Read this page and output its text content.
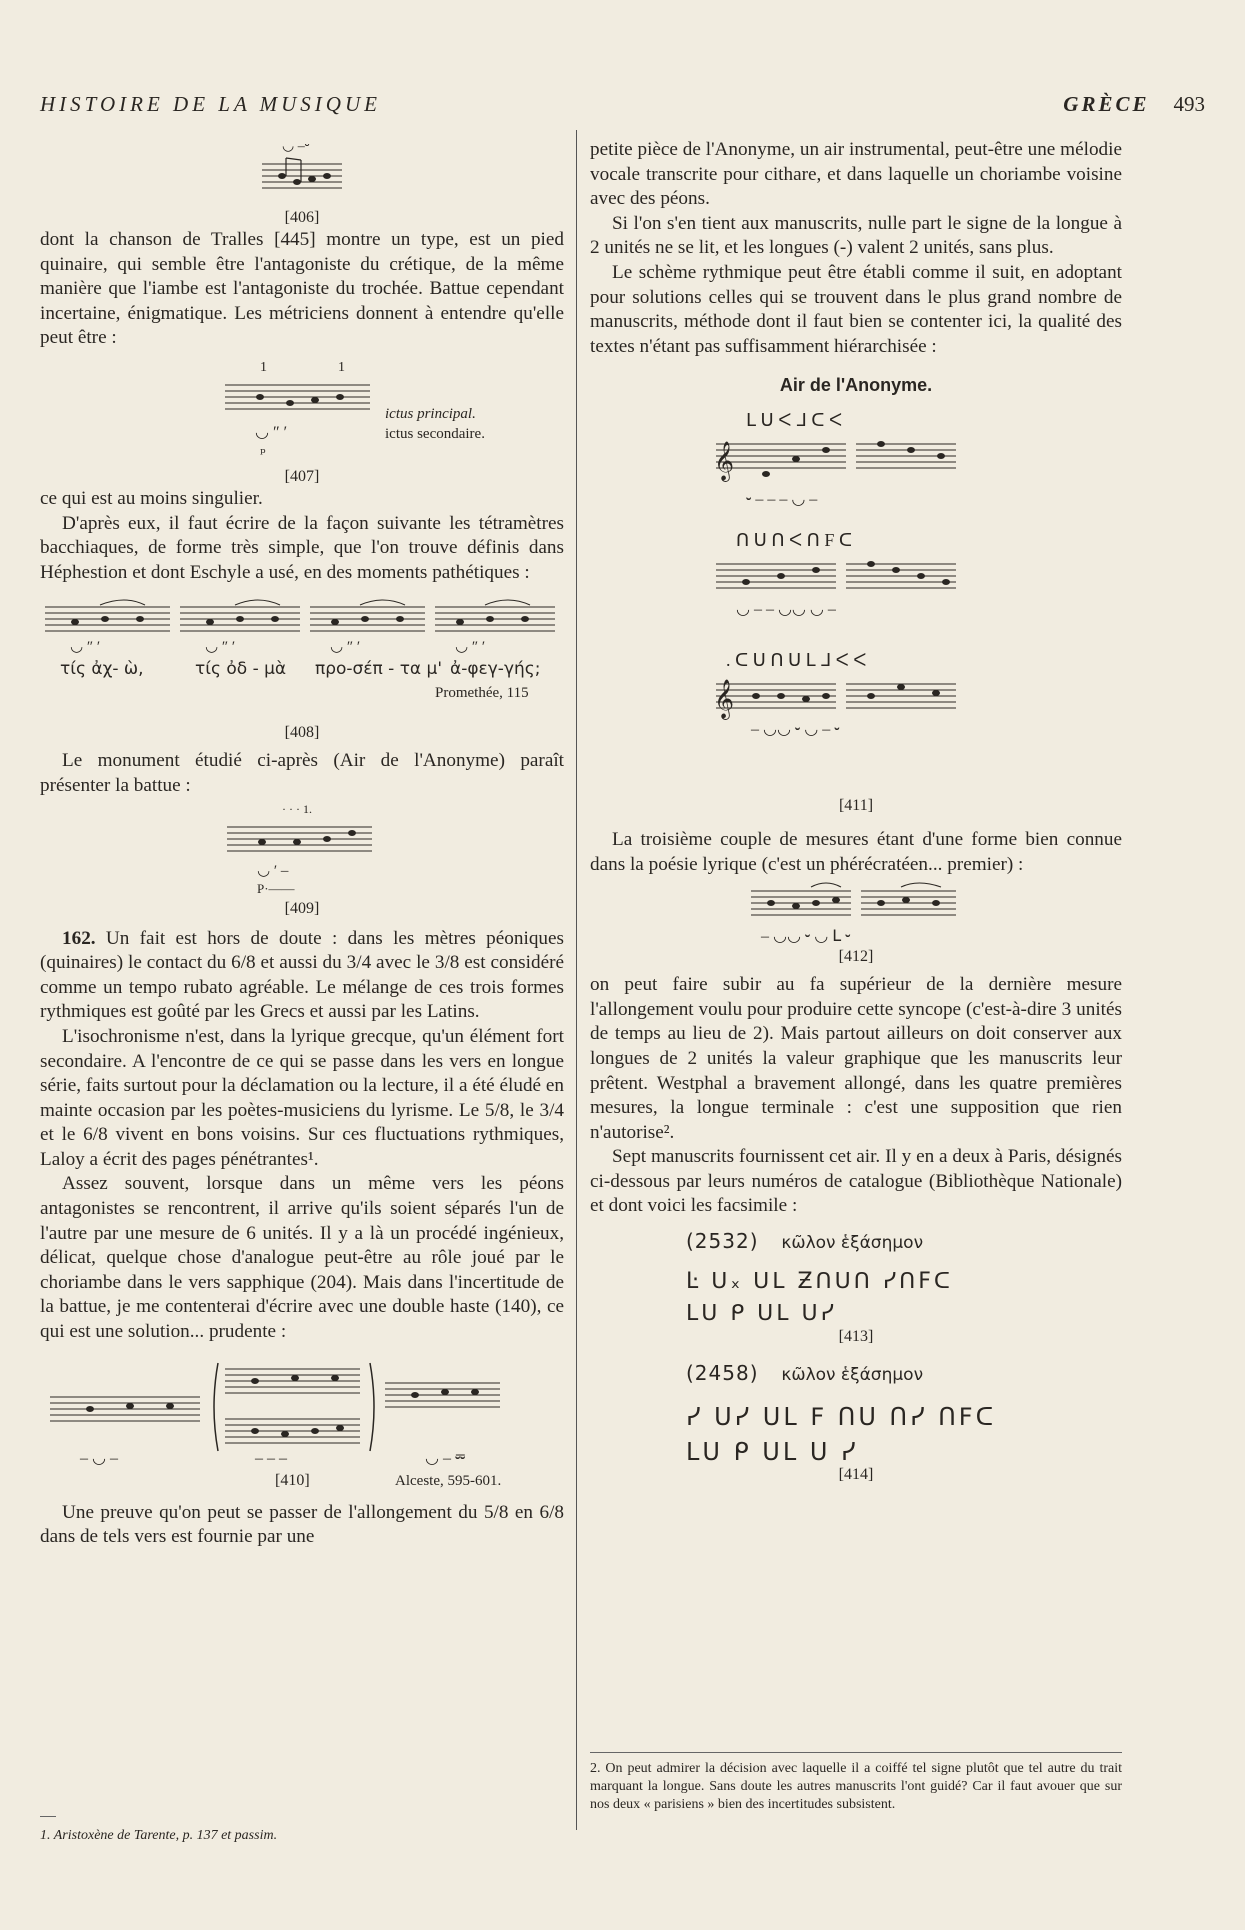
HISTOIRE DE LA MUSIQUE	GRÈCE 493
◡ –⏑

[406]

dont la chanson de Tralles [445] montre un type, est un pied quinaire, qui semble être l'antagoniste du crétique, de la même manière que l'iambe est l'antagoniste du trochée. Battue cependant incertaine, énigmatique. Les métriciens donnent à entendre qu'elle peut être :

1	1
◡ ″ ′
ₚ
ictus principal.
ictus secondaire.

[407]

ce qui est au moins singulier.

D'après eux, il faut écrire de la façon suivante les tétramètres bacchiaques, de forme très simple, que l'on trouve définis dans Héphestion et dont Eschyle a usé, en des moments pathétiques :

◡ ″ ′	◡ ″ ′	◡ ″ ′	◡ ″ ′
τίς ἀχ- ὼ,	τίς ὀδ - μὰ προ-σέπ - τα μ' ἀ-φεγ-γής;
Promethée, 115

[408]

Le monument étudié ci-après (Air de l'Anonyme) paraît présenter la battue :

· · · 1.
◡ ′ –
P·——

[409]

162. Un fait est hors de doute : dans les mètres péoniques (quinaires) le contact du 6/8 et aussi du 3/4 avec le 3/8 est considéré comme un tempo rubato agréable. Le mélange de ces trois formes rythmiques est goûté par les Grecs et aussi par les Latins.

L'isochronisme n'est, dans la lyrique grecque, qu'un élément fort secondaire. A l'encontre de ce qui se passe dans les vers en longue série, faits surtout pour la déclamation ou la lecture, il a été éludé en mainte occasion par les poètes-musiciens du lyrisme. Le 5/8, le 3/4 et le 6/8 vivent en bons voisins. Sur ces fluctuations rythmiques, Laloy a écrit des pages pénétrantes¹.

Assez souvent, lorsque dans un même vers les péons antagonistes se rencontrent, il arrive qu'ils soient séparés l'un de l'autre par une mesure de 6 unités. Il y a là un procédé ingénieux, délicat, quelque chose d'analogue peut-être au rôle joué par le choriambe dans le vers sapphique (204). Mais dans l'incertitude de la battue, je me contenterai d'écrire avec une double haste (140), ce qui est une solution... prudente :

– ◡ –	– – –	◡ – ⏔
[410]	Alceste, 595-601.

Une preuve qu'on peut se passer de l'allongement du 5/8 en 6/8 dans de tels vers est fournie par une

1. Aristoxène de Tarente, p. 137 et passim.

petite pièce de l'Anonyme, un air instrumental, peut-être une mélodie vocale transcrite pour cithare, et dans laquelle un choriambe voisine avec des péons.

Si l'on s'en tient aux manuscrits, nulle part le signe de la longue à 2 unités ne se lit, et les longues (-) valent 2 unités, sans plus.

Le schème rythmique peut être établi comme il suit, en adoptant pour solutions celles qui se trouvent dans le plus grand nombre de manuscrits, méthode dont il faut bien se contenter ici, la qualité des textes n'étant pas suffisamment hiérarchisée :

Air de l'Anonyme.

ᒪ ᑌ ᐸ ᒧ ᑕ ᐸ
𝄞
⏑ – – – ◡ –
ᑎ ᑌ ᑎ ᐸ ᑎ F ᑕ
◡ – – ◡◡ ◡ –
. ᑕ ᑌ ᑎ ᑌ ᒪ ᒧ ᐸ ᐸ
𝄞
– ◡◡ ⏑ ◡ – ⏑

[411]

La troisième couple de mesures étant d'une forme bien connue dans la poésie lyrique (c'est un phérécratéen... premier) :

– ◡◡ ⏑ ◡ ᒪ ⏑

[412]

on peut faire subir au fa supérieur de la dernière mesure l'allongement voulu pour produire cette syncope (c'est-à-dire 3 unités de temps au lieu de 2). Mais partout ailleurs on doit conserver aux longues de 2 unités la valeur graphique que les manuscrits leur prêtent. Westphal a bravement allongé, dans les quatre premières mesures, la longue terminale : c'est une supposition que rien n'autorise².

Sept manuscrits fournissent cet air. Il y en a deux à Paris, désignés ci-dessous par leurs numéros de catalogue (Bibliothèque Nationale) et dont voici les facsimile :

(2532) κῶλον ἑξάσημον
Ŀ ᑌ᙮ ᑌᒪ Ƶᑎᑌᑎ ᓯᑎFᑕ
ᒪᑌ ᑭ ᑌᒪ ᑌᓯ

[413]

(2458) κῶλον ἑξάσημον
ᓯ ᑌᓯ ᑌᒪ F ᑎᑌ ᑎᓯ ᑎFᑕ
ᒪᑌ ᑭ ᑌᒪ ᑌ ᓯ

[414]

2. On peut admirer la décision avec laquelle il a coiffé tel signe plutôt que tel autre du trait marquant la longue. Sans doute les autres manuscrits l'ont guidé? Car il faut avouer que sur nos deux « parisiens » bien des incertitudes subsistent.
